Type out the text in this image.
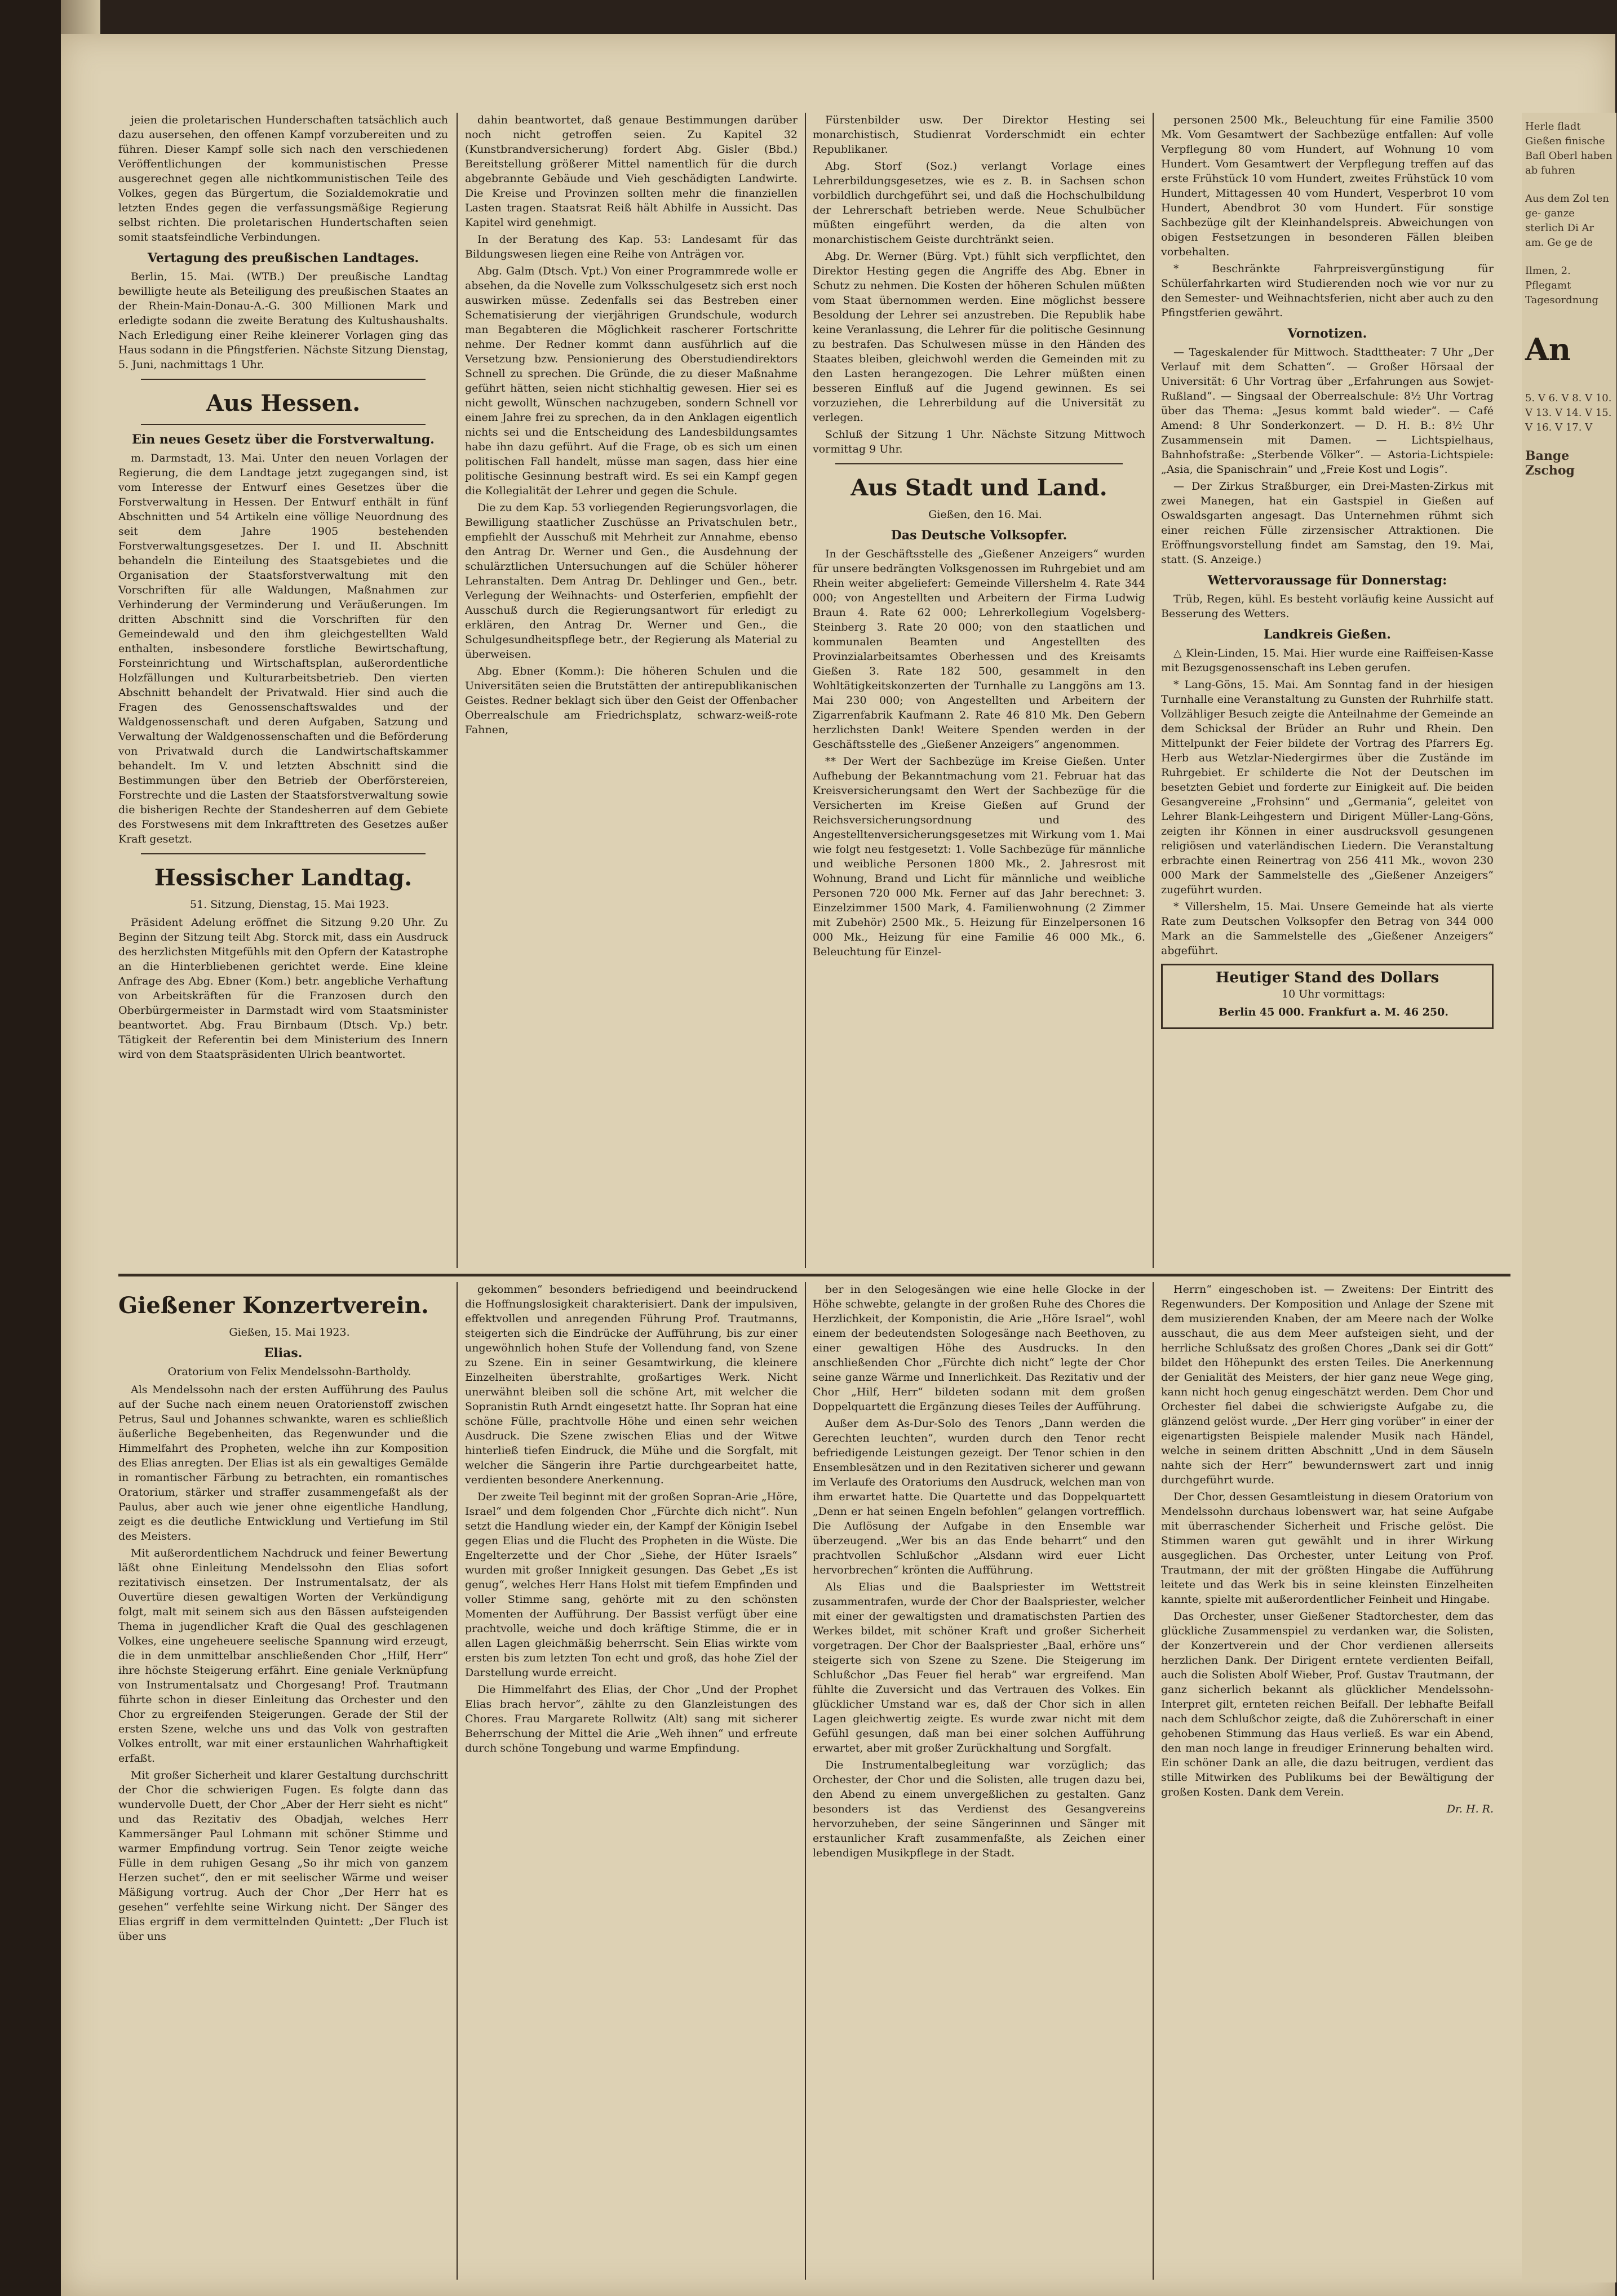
jeien die proletarischen Hunderschaften tatsächlich auch dazu ausersehen, den offenen Kampf vorzubereiten und zu führen. Dieser Kampf solle sich nach den verschiedenen Veröffentlichungen der kommunistischen Presse ausgerechnet gegen alle nichtkommunistischen Teile des Volkes, gegen das Bürgertum, die Sozialdemokratie und letzten Endes gegen die verfassungsmäßige Regierung selbst richten. Die proletarischen Hundertschaften seien somit staatsfeindliche Verbindungen.

Vertagung des preußischen Landtages.

Berlin, 15. Mai. (WTB.) Der preußische Landtag bewilligte heute als Beteiligung des preußischen Staates an der Rhein-Main-Donau-A.-G. 300 Millionen Mark und erledigte sodann die zweite Beratung des Kultushaushalts. Nach Erledigung einer Reihe kleinerer Vorlagen ging das Haus sodann in die Pfingstferien. Nächste Sitzung Dienstag, 5. Juni, nachmittags 1 Uhr.

Aus Hessen.
Ein neues Gesetz über die Forstverwaltung.

m. Darmstadt, 13. Mai. Unter den neuen Vorlagen der Regierung, die dem Landtage jetzt zugegangen sind, ist vom Interesse der Entwurf eines Gesetzes über die Forstverwaltung in Hessen. Der Entwurf enthält in fünf Abschnitten und 54 Artikeln eine völlige Neuordnung des seit dem Jahre 1905 bestehenden Forstverwaltungsgesetzes. Der I. und II. Abschnitt behandeln die Einteilung des Staatsgebietes und die Organisation der Staatsforstverwaltung mit den Vorschriften für alle Waldungen, Maßnahmen zur Verhinderung der Verminderung und Veräußerungen. Im dritten Abschnitt sind die Vorschriften für den Gemeindewald und den ihm gleichgestellten Wald enthalten, insbesondere forstliche Bewirtschaftung, Forsteinrichtung und Wirtschaftsplan, außerordentliche Holzfällungen und Kulturarbeitsbetrieb. Den vierten Abschnitt behandelt der Privatwald. Hier sind auch die Fragen des Genossenschaftswaldes und der Waldgenossenschaft und deren Aufgaben, Satzung und Verwaltung der Waldgenossenschaften und die Beförderung von Privatwald durch die Landwirtschaftskammer behandelt. Im V. und letzten Abschnitt sind die Bestimmungen über den Betrieb der Oberförstereien, Forstrechte und die Lasten der Staatsforstverwaltung sowie die bisherigen Rechte der Standesherren auf dem Gebiete des Forstwesens mit dem Inkrafttreten des Gesetzes außer Kraft gesetzt.

Hessischer Landtag.

51. Sitzung, Dienstag, 15. Mai 1923.

Präsident Adelung eröffnet die Sitzung 9.20 Uhr. Zu Beginn der Sitzung teilt Abg. Storck mit, dass ein Ausdruck des herzlichsten Mitgefühls mit den Opfern der Katastrophe an die Hinterbliebenen gerichtet werde. Eine kleine Anfrage des Abg. Ebner (Kom.) betr. angebliche Verhaftung von Arbeitskräften für die Franzosen durch den Oberbürgermeister in Darmstadt wird vom Staatsminister beantwortet. Abg. Frau Birnbaum (Dtsch. Vp.) betr. Tätigkeit der Referentin bei dem Ministerium des Innern wird von dem Staatspräsidenten Ulrich beantwortet.

dahin beantwortet, daß genaue Bestimmungen darüber noch nicht getroffen seien. Zu Kapitel 32 (Kunstbrandversicherung) fordert Abg. Gisler (Bbd.) Bereitstellung größerer Mittel namentlich für die durch abgebrannte Gebäude und Vieh geschädigten Landwirte. Die Kreise und Provinzen sollten mehr die finanziellen Lasten tragen. Staatsrat Reiß hält Abhilfe in Aussicht. Das Kapitel wird genehmigt.

In der Beratung des Kap. 53: Landesamt für das Bildungswesen liegen eine Reihe von Anträgen vor.

Abg. Galm (Dtsch. Vpt.) Von einer Programmrede wolle er absehen, da die Novelle zum Volksschulgesetz sich erst noch auswirken müsse. Zedenfalls sei das Bestreben einer Schematisierung der vierjährigen Grundschule, wodurch man Begabteren die Möglichkeit rascherer Fortschritte nehme. Der Redner kommt dann ausführlich auf die Versetzung bzw. Pensionierung des Oberstudiendirektors Schnell zu sprechen. Die Gründe, die zu dieser Maßnahme geführt hätten, seien nicht stichhaltig gewesen. Hier sei es nicht gewollt, Wünschen nachzugeben, sondern Schnell vor einem Jahre frei zu sprechen, da in den Anklagen eigentlich nichts sei und die Entscheidung des Landesbildungsamtes habe ihn dazu geführt. Auf die Frage, ob es sich um einen politischen Fall handelt, müsse man sagen, dass hier eine politische Gesinnung bestraft wird. Es sei ein Kampf gegen die Kollegialität der Lehrer und gegen die Schule.

Die zu dem Kap. 53 vorliegenden Regierungsvorlagen, die Bewilligung staatlicher Zuschüsse an Privatschulen betr., empfiehlt der Ausschuß mit Mehrheit zur Annahme, ebenso den Antrag Dr. Werner und Gen., die Ausdehnung der schulärztlichen Untersuchungen auf die Schüler höherer Lehranstalten. Dem Antrag Dr. Dehlinger und Gen., betr. Verlegung der Weihnachts- und Osterferien, empfiehlt der Ausschuß durch die Regierungsantwort für erledigt zu erklären, den Antrag Dr. Werner und Gen., die Schulgesundheitspflege betr., der Regierung als Material zu überweisen.

Abg. Ebner (Komm.): Die höheren Schulen und die Universitäten seien die Brutstätten der antirepublikanischen Geistes. Redner beklagt sich über den Geist der Offenbacher Oberrealschule am Friedrichsplatz, schwarz-weiß-rote Fahnen,

Fürstenbilder usw. Der Direktor Hesting sei monarchistisch, Studienrat Vorderschmidt ein echter Republikaner.

Abg. Storf (Soz.) verlangt Vorlage eines Lehrerbildungsgesetzes, wie es z. B. in Sachsen schon vorbildlich durchgeführt sei, und daß die Hochschulbildung der Lehrerschaft betrieben werde. Neue Schulbücher müßten eingeführt werden, da die alten von monarchistischem Geiste durchtränkt seien.

Abg. Dr. Werner (Bürg. Vpt.) fühlt sich verpflichtet, den Direktor Hesting gegen die Angriffe des Abg. Ebner in Schutz zu nehmen. Die Kosten der höheren Schulen müßten vom Staat übernommen werden. Eine möglichst bessere Besoldung der Lehrer sei anzustreben. Die Republik habe keine Veranlassung, die Lehrer für die politische Gesinnung zu bestrafen. Das Schulwesen müsse in den Händen des Staates bleiben, gleichwohl werden die Gemeinden mit zu den Lasten herangezogen. Die Lehrer müßten einen besseren Einfluß auf die Jugend gewinnen. Es sei vorzuziehen, die Lehrerbildung auf die Universität zu verlegen.

Schluß der Sitzung 1 Uhr. Nächste Sitzung Mittwoch vormittag 9 Uhr.

Aus Stadt und Land.

Gießen, den 16. Mai.

Das Deutsche Volksopfer.

In der Geschäftsstelle des „Gießener Anzeigers“ wurden für unsere bedrängten Volksgenossen im Ruhrgebiet und am Rhein weiter abgeliefert: Gemeinde Villershelm 4. Rate 344 000; von Angestellten und Arbeitern der Firma Ludwig Braun 4. Rate 62 000; Lehrerkollegium Vogelsberg-Steinberg 3. Rate 20 000; von den staatlichen und kommunalen Beamten und Angestellten des Provinzialarbeitsamtes Oberhessen und des Kreisamts Gießen 3. Rate 182 500, gesammelt in den Wohltätigkeitskonzerten der Turnhalle zu Langgöns am 13. Mai 230 000; von Angestellten und Arbeitern der Zigarrenfabrik Kaufmann 2. Rate 46 810 Mk. Den Gebern herzlichsten Dank! Weitere Spenden werden in der Geschäftsstelle des „Gießener Anzeigers“ angenommen.

** Der Wert der Sachbezüge im Kreise Gießen. Unter Aufhebung der Bekanntmachung vom 21. Februar hat das Kreisversicherungsamt den Wert der Sachbezüge für die Versicherten im Kreise Gießen auf Grund der Reichsversicherungsordnung und des Angestelltenversicherungsgesetzes mit Wirkung vom 1. Mai wie folgt neu festgesetzt: 1. Volle Sachbezüge für männliche und weibliche Personen 1800 Mk., 2. Jahresrost mit Wohnung, Brand und Licht für männliche und weibliche Personen 720 000 Mk. Ferner auf das Jahr berechnet: 3. Einzelzimmer 1500 Mark, 4. Familienwohnung (2 Zimmer mit Zubehör) 2500 Mk., 5. Heizung für Einzelpersonen 16 000 Mk., Heizung für eine Familie 46 000 Mk., 6. Beleuchtung für Einzel-

personen 2500 Mk., Beleuchtung für eine Familie 3500 Mk. Vom Gesamtwert der Sachbezüge entfallen: Auf volle Verpflegung 80 vom Hundert, auf Wohnung 10 vom Hundert. Vom Gesamtwert der Verpflegung treffen auf das erste Frühstück 10 vom Hundert, zweites Frühstück 10 vom Hundert, Mittagessen 40 vom Hundert, Vesperbrot 10 vom Hundert, Abendbrot 30 vom Hundert. Für sonstige Sachbezüge gilt der Kleinhandelspreis. Abweichungen von obigen Festsetzungen in besonderen Fällen bleiben vorbehalten.

* Beschränkte Fahrpreisvergünstigung für Schülerfahrkarten wird Studierenden noch wie vor nur zu den Semester- und Weihnachtsferien, nicht aber auch zu den Pfingstferien gewährt.

Vornotizen.

— Tageskalender für Mittwoch. Stadttheater: 7 Uhr „Der Verlauf mit dem Schatten“. — Großer Hörsaal der Universität: 6 Uhr Vortrag über „Erfahrungen aus Sowjet-Rußland“. — Singsaal der Oberrealschule: 8½ Uhr Vortrag über das Thema: „Jesus kommt bald wieder“. — Café Amend: 8 Uhr Sonderkonzert. — D. H. B.: 8½ Uhr Zusammensein mit Damen. — Lichtspielhaus, Bahnhofstraße: „Sterbende Völker“. — Astoria-Lichtspiele: „Asia, die Spanischrain“ und „Freie Kost und Logis“.

— Der Zirkus Straßburger, ein Drei-Masten-Zirkus mit zwei Manegen, hat ein Gastspiel in Gießen auf Oswaldsgarten angesagt. Das Unternehmen rühmt sich einer reichen Fülle zirzensischer Attraktionen. Die Eröffnungsvorstellung findet am Samstag, den 19. Mai, statt. (S. Anzeige.)

Wettervoraussage für Donnerstag:

Trüb, Regen, kühl. Es besteht vorläufig keine Aussicht auf Besserung des Wetters.

Landkreis Gießen.

△ Klein-Linden, 15. Mai. Hier wurde eine Raiffeisen-Kasse mit Bezugsgenossenschaft ins Leben gerufen.

* Lang-Göns, 15. Mai. Am Sonntag fand in der hiesigen Turnhalle eine Veranstaltung zu Gunsten der Ruhrhilfe statt. Vollzähliger Besuch zeigte die Anteilnahme der Gemeinde an dem Schicksal der Brüder an Ruhr und Rhein. Den Mittelpunkt der Feier bildete der Vortrag des Pfarrers Eg. Herb aus Wetzlar-Niedergirmes über die Zustände im Ruhrgebiet. Er schilderte die Not der Deutschen im besetzten Gebiet und forderte zur Einigkeit auf. Die beiden Gesangvereine „Frohsinn“ und „Germania“, geleitet von Lehrer Blank-Leihgestern und Dirigent Müller-Lang-Göns, zeigten ihr Können in einer ausdrucksvoll gesungenen religiösen und vaterländischen Liedern. Die Veranstaltung erbrachte einen Reinertrag von 256 411 Mk., wovon 230 000 Mark der Sammelstelle des „Gießener Anzeigers“ zugeführt wurden.

* Villershelm, 15. Mai. Unsere Gemeinde hat als vierte Rate zum Deutschen Volksopfer den Betrag von 344 000 Mark an die Sammelstelle des „Gießener Anzeigers“ abgeführt.

Heutiger Stand des Dollars

10 Uhr vormittags:

Berlin 45 000. Frankfurt a. M. 46 250.

Gießener Konzertverein.

Gießen, 15. Mai 1923.

Elias.

Oratorium von Felix Mendelssohn-Bartholdy.

Als Mendelssohn nach der ersten Aufführung des Paulus auf der Suche nach einem neuen Oratorienstoff zwischen Petrus, Saul und Johannes schwankte, waren es schließlich äußerliche Begebenheiten, das Regenwunder und die Himmelfahrt des Propheten, welche ihn zur Komposition des Elias anregten. Der Elias ist als ein gewaltiges Gemälde in romantischer Färbung zu betrachten, ein romantisches Oratorium, stärker und straffer zusammengefaßt als der Paulus, aber auch wie jener ohne eigentliche Handlung, zeigt es die deutliche Entwicklung und Vertiefung im Stil des Meisters.

Mit außerordentlichem Nachdruck und feiner Bewertung läßt ohne Einleitung Mendelssohn den Elias sofort rezitativisch einsetzen. Der Instrumentalsatz, der als Ouvertüre diesen gewaltigen Worten der Verkündigung folgt, malt mit seinem sich aus den Bässen aufsteigenden Thema in jugendlicher Kraft die Qual des geschlagenen Volkes, eine ungeheuere seelische Spannung wird erzeugt, die in dem unmittelbar anschließenden Chor „Hilf, Herr“ ihre höchste Steigerung erfährt. Eine geniale Verknüpfung von Instrumentalsatz und Chorgesang! Prof. Trautmann führte schon in dieser Einleitung das Orchester und den Chor zu ergreifenden Steigerungen. Gerade der Stil der ersten Szene, welche uns und das Volk von gestraften Volkes entrollt, war mit einer erstaunlichen Wahrhaftigkeit erfaßt.

Mit großer Sicherheit und klarer Gestaltung durchschritt der Chor die schwierigen Fugen. Es folgte dann das wundervolle Duett, der Chor „Aber der Herr sieht es nicht“ und das Rezitativ des Obadjah, welches Herr Kammersänger Paul Lohmann mit schöner Stimme und warmer Empfindung vortrug. Sein Tenor zeigte weiche Fülle in dem ruhigen Gesang „So ihr mich von ganzem Herzen suchet“, den er mit seelischer Wärme und weiser Mäßigung vortrug. Auch der Chor „Der Herr hat es gesehen“ verfehlte seine Wirkung nicht. Der Sänger des Elias ergriff in dem vermittelnden Quintett: „Der Fluch ist über uns

gekommen“ besonders befriedigend und beeindruckend die Hoffnungslosigkeit charakterisiert. Dank der impulsiven, effektvollen und anregenden Führung Prof. Trautmanns, steigerten sich die Eindrücke der Aufführung, bis zur einer ungewöhnlich hohen Stufe der Vollendung fand, von Szene zu Szene. Ein in seiner Gesamtwirkung, die kleinere Einzelheiten überstrahlte, großartiges Werk. Nicht unerwähnt bleiben soll die schöne Art, mit welcher die Sopranistin Ruth Arndt eingesetzt hatte. Ihr Sopran hat eine schöne Fülle, prachtvolle Höhe und einen sehr weichen Ausdruck. Die Szene zwischen Elias und der Witwe hinterließ tiefen Eindruck, die Mühe und die Sorgfalt, mit welcher die Sängerin ihre Partie durchgearbeitet hatte, verdienten besondere Anerkennung.

Der zweite Teil beginnt mit der großen Sopran-Arie „Höre, Israel“ und dem folgenden Chor „Fürchte dich nicht“. Nun setzt die Handlung wieder ein, der Kampf der Königin Isebel gegen Elias und die Flucht des Propheten in die Wüste. Die Engelterzette und der Chor „Siehe, der Hüter Israels“ wurden mit großer Innigkeit gesungen. Das Gebet „Es ist genug“, welches Herr Hans Holst mit tiefem Empfinden und voller Stimme sang, gehörte mit zu den schönsten Momenten der Aufführung. Der Bassist verfügt über eine prachtvolle, weiche und doch kräftige Stimme, die er in allen Lagen gleichmäßig beherrscht. Sein Elias wirkte vom ersten bis zum letzten Ton echt und groß, das hohe Ziel der Darstellung wurde erreicht.

Die Himmelfahrt des Elias, der Chor „Und der Prophet Elias brach hervor“, zählte zu den Glanzleistungen des Chores. Frau Margarete Rollwitz (Alt) sang mit sicherer Beherrschung der Mittel die Arie „Weh ihnen“ und erfreute durch schöne Tongebung und warme Empfindung.

ber in den Selogesängen wie eine helle Glocke in der Höhe schwebte, gelangte in der großen Ruhe des Chores die Herzlichkeit, der Komponistin, die Arie „Höre Israel“, wohl einem der bedeutendsten Sologesänge nach Beethoven, zu einer gewaltigen Höhe des Ausdrucks. In den anschließenden Chor „Fürchte dich nicht“ legte der Chor seine ganze Wärme und Innerlichkeit. Das Rezitativ und der Chor „Hilf, Herr“ bildeten sodann mit dem großen Doppelquartett die Ergänzung dieses Teiles der Aufführung.

Außer dem As-Dur-Solo des Tenors „Dann werden die Gerechten leuchten“, wurden durch den Tenor recht befriedigende Leistungen gezeigt. Der Tenor schien in den Ensemblesätzen und in den Rezitativen sicherer und gewann im Verlaufe des Oratoriums den Ausdruck, welchen man von ihm erwartet hatte. Die Quartette und das Doppelquartett „Denn er hat seinen Engeln befohlen“ gelangen vortrefflich. Die Auflösung der Aufgabe in den Ensemble war überzeugend. „Wer bis an das Ende beharrt“ und den prachtvollen Schlußchor „Alsdann wird euer Licht hervorbrechen“ krönten die Aufführung.

Als Elias und die Baalspriester im Wettstreit zusammentrafen, wurde der Chor der Baalspriester, welcher mit einer der gewaltigsten und dramatischsten Partien des Werkes bildet, mit schöner Kraft und großer Sicherheit vorgetragen. Der Chor der Baalspriester „Baal, erhöre uns“ steigerte sich von Szene zu Szene. Die Steigerung im Schlußchor „Das Feuer fiel herab“ war ergreifend. Man fühlte die Zuversicht und das Vertrauen des Volkes. Ein glücklicher Umstand war es, daß der Chor sich in allen Lagen gleichwertig zeigte. Es wurde zwar nicht mit dem Gefühl gesungen, daß man bei einer solchen Aufführung erwartet, aber mit großer Zurückhaltung und Sorgfalt.

Die Instrumentalbegleitung war vorzüglich; das Orchester, der Chor und die Solisten, alle trugen dazu bei, den Abend zu einem unvergeßlichen zu gestalten. Ganz besonders ist das Verdienst des Gesangvereins hervorzuheben, der seine Sängerinnen und Sänger mit erstaunlicher Kraft zusammenfaßte, als Zeichen einer lebendigen Musikpflege in der Stadt.

Herrn“ eingeschoben ist. — Zweitens: Der Eintritt des Regenwunders. Der Komposition und Anlage der Szene mit dem musizierenden Knaben, der am Meere nach der Wolke ausschaut, die aus dem Meer aufsteigen sieht, und der herrliche Schlußsatz des großen Chores „Dank sei dir Gott“ bildet den Höhepunkt des ersten Teiles. Die Anerkennung der Genialität des Meisters, der hier ganz neue Wege ging, kann nicht hoch genug eingeschätzt werden. Dem Chor und Orchester fiel dabei die schwierigste Aufgabe zu, die glänzend gelöst wurde. „Der Herr ging vorüber“ in einer der eigenartigsten Beispiele malender Musik nach Händel, welche in seinem dritten Abschnitt „Und in dem Säuseln nahte sich der Herr“ bewundernswert zart und innig durchgeführt wurde.

Der Chor, dessen Gesamtleistung in diesem Oratorium von Mendelssohn durchaus lobenswert war, hat seine Aufgabe mit überraschender Sicherheit und Frische gelöst. Die Stimmen waren gut gewählt und in ihrer Wirkung ausgeglichen. Das Orchester, unter Leitung von Prof. Trautmann, der mit der größten Hingabe die Aufführung leitete und das Werk bis in seine kleinsten Einzelheiten kannte, spielte mit außerordentlicher Feinheit und Hingabe.

Das Orchester, unser Gießener Stadtorchester, dem das glückliche Zusammenspiel zu verdanken war, die Solisten, der Konzertverein und der Chor verdienen allerseits herzlichen Dank. Der Dirigent erntete verdienten Beifall, auch die Solisten Abolf Wieber, Prof. Gustav Trautmann, der ganz sicherlich bekannt als glücklicher Mendelssohn-Interpret gilt, ernteten reichen Beifall. Der lebhafte Beifall nach dem Schlußchor zeigte, daß die Zuhörerschaft in einer gehobenen Stimmung das Haus verließ. Es war ein Abend, den man noch lange in freudiger Erinnerung behalten wird. Ein schöner Dank an alle, die dazu beitrugen, verdient das stille Mitwirken des Publikums bei der Bewältigung der großen Kosten. Dank dem Verein.

Dr. H. R.

Herle fladt Gießen finische Bafl Oberl haben ab fuhren
Aus dem Zol ten ge- ganze sterlich Di Ar am. Ge ge de
Ilmen, 2. Pflegamt Tagesordnung
An
5. V 6. V 8. V 10. V 13. V 14. V 15. V 16. V 17. V
Bange Zschog
